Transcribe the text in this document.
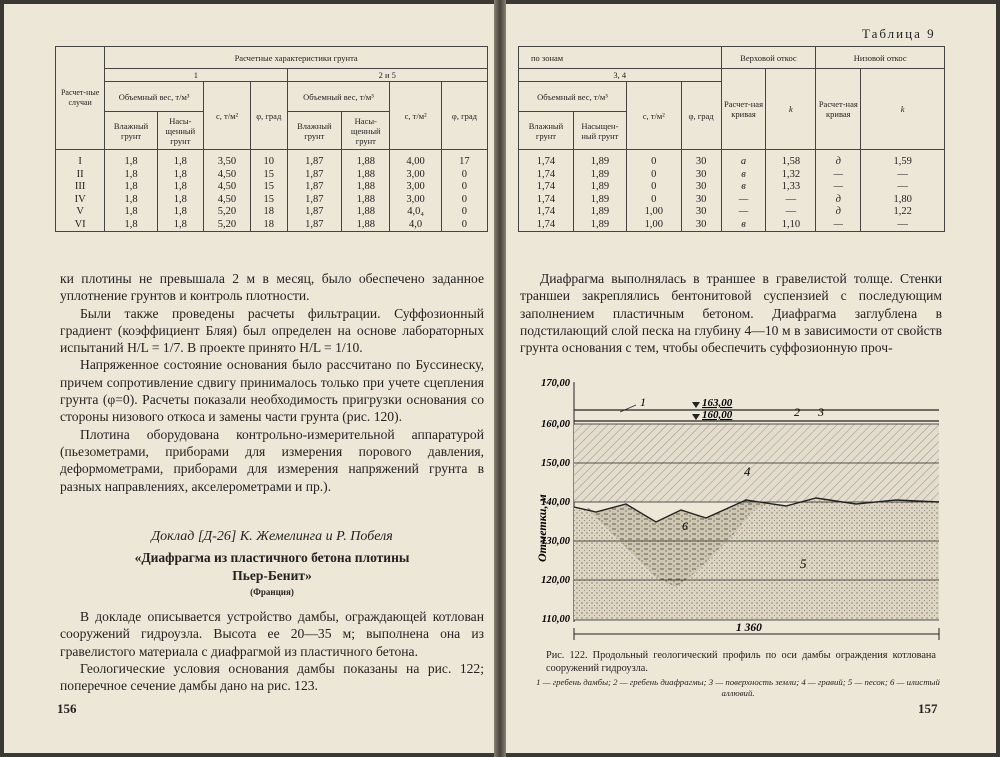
Расчет-ные случаи	Расчетные характеристики грунта							
	1				2 и 5			
	Объемный вес, т/м³		c, т/м²	φ, град	Объемный вес, т/м³		c, т/м²	φ, град
	Влажный грунт	Насы-щенный грунт			Влажный грунт	Насы-щенный грунт		
I	1,8	1,8	3,50	10	1,87	1,88	4,00	17
II	1,8	1,8	4,50	15	1,87	1,88	3,00	0
III	1,8	1,8	4,50	15	1,87	1,88	3,00	0
IV	1,8	1,8	4,50	15	1,87	1,88	3,00	0
V	1,8	1,8	5,20	18	1,87	1,88	4,0₄	0
VI	1,8	1,8	5,20	18	1,87	1,88	4,0	0

ки плотины не превышала 2 м в месяц, было обеспечено заданное уплотнение грунтов и контроль плотности.

Были также проведены расчеты фильтрации. Суффозионный градиент (коэффициент Бляя) был определен на основе лабораторных испытаний H/L = 1/7. В проекте принято H/L = 1/10.

Напряженное состояние основания было рассчитано по Буссинеску, причем сопротивление сдвигу принималось только при учете сцепления грунта (φ=0). Расчеты показали необходимость пригрузки основания со стороны низового откоса и замены части грунта (рис. 120).

Плотина оборудована контрольно-измерительной аппаратурой (пьезометрами, приборами для измерения порового давления, деформометрами, приборами для измерения напряжений грунта в разных направлениях, акселерометрами и пр.).

Доклад [Д-26] К. Жемелинга и Р. Побеля
«Диафрагма из пластичного бетона плотины Пьер-Бенит»
(Франция)

В докладе описывается устройство дамбы, ограждающей котлован сооружений гидроузла. Высота ее 20—35 м; выполнена она из гравелистого материала с диафрагмой из пластичного бетона.

Геологические условия основания дамбы показаны на рис. 122; поперечное сечение дамбы дано на рис. 123.

156
Таблица 9
по зонам				Верховой откос		Низовой откос	
3, 4				Расчет-ная кривая	k	Расчет-ная кривая	k
Объемный вес, т/м³		c, т/м²	φ, град				
Влажный грунт	Насыщен-ный грунт						
1,74	1,89	0	30	а	1,58	д	1,59
1,74	1,89	0	30	в	1,32	—	—
1,74	1,89	0	30	в	1,33	—	—
1,74	1,89	0	30	—	—	д	1,80
1,74	1,89	1,00	30	—	—	д	1,22
1,74	1,89	1,00	30	в	1,10	—	—

Диафрагма выполнялась в траншее в гравелистой толще. Стенки траншеи закреплялись бентонитовой суспензией с последующим заполнением пластичным бетоном. Диафрагма заглублена в подстилающий слой песка на глубину 4—10 м в зависимости от свойств грунта основания с тем, чтобы обеспечить суффозионную проч-

Отметки, м
170,00
160,00
150,00
140,00
130,00
120,00
110,00
163,00
160,00
1
2 3
4
5
6
1 360
Рис. 122. Продольный геологический профиль по оси дамбы ограждения котлована сооружений гидроузла.
1 — гребень дамбы; 2 — гребень диафрагмы; 3 — поверхность земли; 4 — гравий; 5 — песок; 6 — илистый аллювий.
157
